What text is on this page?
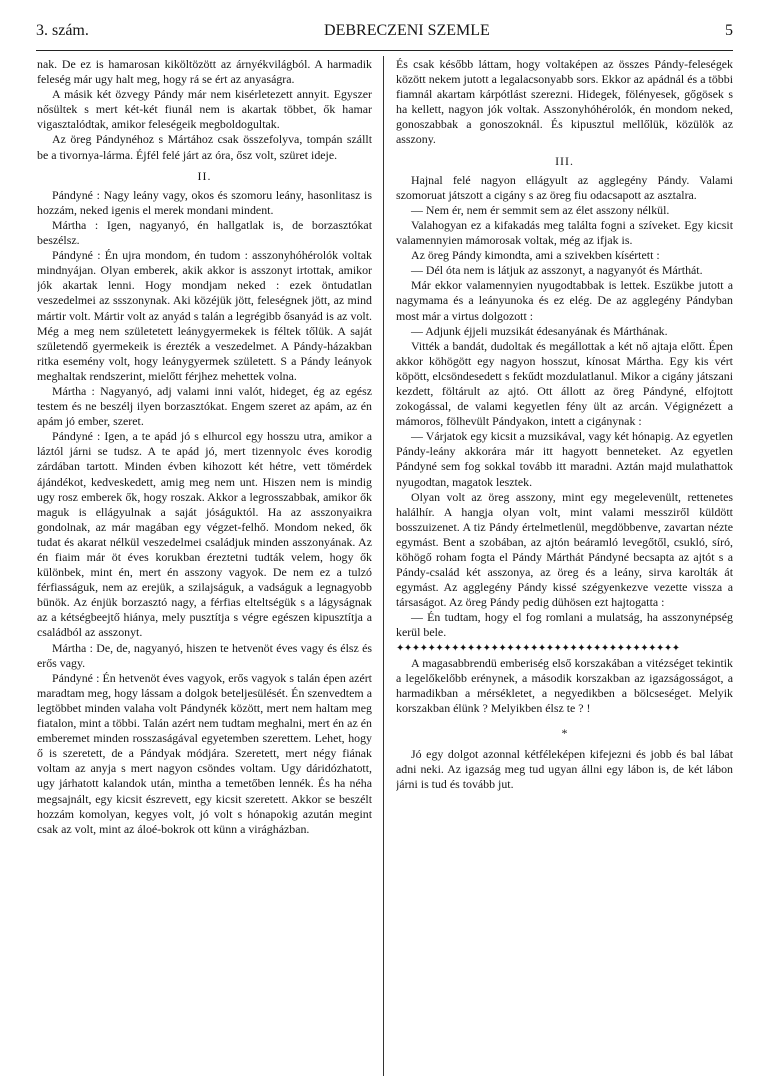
3. szám.	DEBRECZENI SZEMLE	5

nak. De ez is hamarosan kiköltözött az árnyékvilágból. A harmadik feleség már ugy halt meg, hogy rá se ért az anyaságra.

A másik két özvegy Pándy már nem kisérletezett annyit. Egyszer nősültek s mert két-két fiunál nem is akartak többet, ők hamar vigasztalódtak, amikor feleségeik megboldogultak.

Az öreg Pándynéhoz s Mártához csak összefolyva, tompán szállt be a tivornya-lárma. Éjfél felé járt az óra, ősz volt, szüret ideje.

II.

Pándyné : Nagy leány vagy, okos és szomoru leány, hasonlitasz is hozzám, neked igenis el merek mondani mindent.

Mártha : Igen, nagyanyó, én hallgatlak is, de borzasztókat beszélsz.

Pándyné : Én ujra mondom, én tudom : asszonyhóhérolók voltak mindnyájan. Olyan emberek, akik akkor is asszonyt irtottak, amikor jók akartak lenni. Hogy mondjam neked : ezek öntudatlan veszedelmei az ssszonynak. Aki közéjük jött, feleségnek jött, az mind mártir volt. Mártir volt az anyád s talán a legrégibb ősanyád is az volt. Még a meg nem születetett leánygyermekek is féltek tőlük. A saját születendő gyermekeik is érezték a veszedelmet. A Pándy-házakban ritka esemény volt, hogy leánygyermek született. S a Pándy leányok meghaltak rendszerint, mielőtt férjhez mehettek volna.

Mártha : Nagyanyó, adj valami inni valót, hideget, ég az egész testem és ne beszélj ilyen borzasztókat. Engem szeret az apám, az én apám jó ember, szeret.

Pándyné : Igen, a te apád jó s elhurcol egy hosszu utra, amikor a láztól járni se tudsz. A te apád jó, mert tizennyolc éves korodig zárdában tartott. Minden évben kihozott két hétre, vett tömérdek ájándékot, kedveskedett, amig meg nem unt. Hiszen nem is mindig ugy rosz emberek ők, hogy roszak. Akkor a legrosszabbak, amikor ők maguk is ellágyulnak a saját jóságuktól. Ha az asszonyaikra gondolnak, az már magában egy végzet-felhő. Mondom neked, ők tudat és akarat nélkül veszedelmei családjuk minden asszonyának. Az én fiaim már öt éves korukban éreztetni tudták velem, hogy ők különbek, mint én, mert én asszony vagyok. De nem ez a tulzó férfiasságuk, nem az erejük, a szilajságuk, a vadságuk a legnagyobb bünök. Az énjük borzasztó nagy, a férfias elteltségük s a lágyságnak az a kétségbeejtő hiánya, mely pusztítja s végre egészen kipusztítja a családból az asszonyt.

Mártha : De, de, nagyanyó, hiszen te hetvenöt éves vagy és élsz és erős vagy.

Pándyné : Én hetvenöt éves vagyok, erős vagyok s talán épen azért maradtam meg, hogy lássam a dolgok beteljesülését. Én szenvedtem a legtöbbet minden valaha volt Pándynék között, mert nem haltam meg fiatalon, mint a többi. Talán azért nem tudtam meghalni, mert én az én emberemet minden rosszaságával egyetemben szerettem. Lehet, hogy ő is szeretett, de a Pándyak módjára. Szeretett, mert négy fiának voltam az anyja s mert nagyon csöndes voltam. Ugy dáridózhatott, ugy járhatott kalandok után, mintha a temetőben lennék. És ha néha megsajnált, egy kicsit észrevett, egy kicsit szeretett. Akkor se beszélt hozzám komolyan, kegyes volt, jó volt s hónapokig azután megint csak az volt, mint az áloé-bokrok ott künn a virágházban.

És csak később láttam, hogy voltaképen az összes Pándy-feleségek között nekem jutott a legalacsonyabb sors. Ekkor az apádnál és a többi fiamnál akartam kárpótlást szerezni. Hidegek, fölényesek, gőgösek s ha kellett, nagyon jók voltak. Asszonyhóhérolók, én mondom neked, gonoszabbak a gonoszoknál. És kipusztul mellőlük, közülök az asszony.

III.

Hajnal felé nagyon ellágyult az agglegény Pándy. Valami szomoruat játszott a cigány s az öreg fiu odacsapott az asztalra.

— Nem ér, nem ér semmit sem az élet asszony nélkül.

Valahogyan ez a kifakadás meg találta fogni a szíveket. Egy kicsit valamennyien mámorosak voltak, még az ifjak is.

Az öreg Pándy kimondta, ami a szivekben kísértett :

— Dél óta nem is látjuk az asszonyt, a nagyanyót és Márthát.

Már ekkor valamennyien nyugodtabbak is lettek. Eszükbe jutott a nagymama és a leányunoka és ez elég. De az agglegény Pándyban most már a virtus dolgozott :

— Adjunk éjjeli muzsikát édesanyának és Márthának.

Vitték a bandát, dudoltak és megállottak a két nő ajtaja előtt. Épen akkor köhögött egy nagyon hosszut, kínosat Mártha. Egy kis vért köpött, elcsöndesedett s fekűdt mozdulatlanul. Mikor a cigány játszani kezdett, föltárult az ajtó. Ott állott az öreg Pándyné, elfojtott zokogással, de valami kegyetlen fény ült az arcán. Végignézett a mámoros, fölhevült Pándyakon, intett a cigánynak :

— Várjatok egy kicsit a muzsikával, vagy két hónapig. Az egyetlen Pándy-leány akkorára már itt hagyott benneteket. Az egyetlen Pándyné sem fog sokkal tovább itt maradni. Aztán majd mulathattok nyugodtan, magatok lesztek.

Olyan volt az öreg asszony, mint egy megelevenült, rettenetes halálhír. A hangja olyan volt, mint valami messziről küldött bosszuizenet. A tiz Pándy értelmetlenül, megdöbbenve, zavartan nézte egymást. Bent a szobában, az ajtón beáramló levegőtől, csukló, síró, köhögő roham fogta el Pándy Márthát Pándyné becsapta az ajtót s a Pándy-család két asszonya, az öreg és a leány, sirva karolták át egymást. Az agglegény Pándy kissé szégyenkezve vezette vissza a társaságot. Az öreg Pándy pedig dühösen ezt hajtogatta :

— Én tudtam, hogy el fog romlani a mulatság, ha asszonynépség kerül bele.

✦✦✦✦✦✦✦✦✦✦✦✦✦✦✦✦✦✦✦✦✦✦✦✦✦✦✦✦✦✦✦✦✦✦✦✦

A magasabbrendü emberiség első korszakában a vitézséget tekintik a legelőkelőbb erénynek, a második korszakban az igazságosságot, a harmadikban a mérsékletet, a negyedikben a bölcseséget. Melyik korszakban élünk ? Melyikben élsz te ? !

*

Jó egy dolgot azonnal kétféleképen kifejezni és jobb és bal lábat adni neki. Az igazság meg tud ugyan állni egy lábon is, de két lábon járni is tud és tovább jut.
